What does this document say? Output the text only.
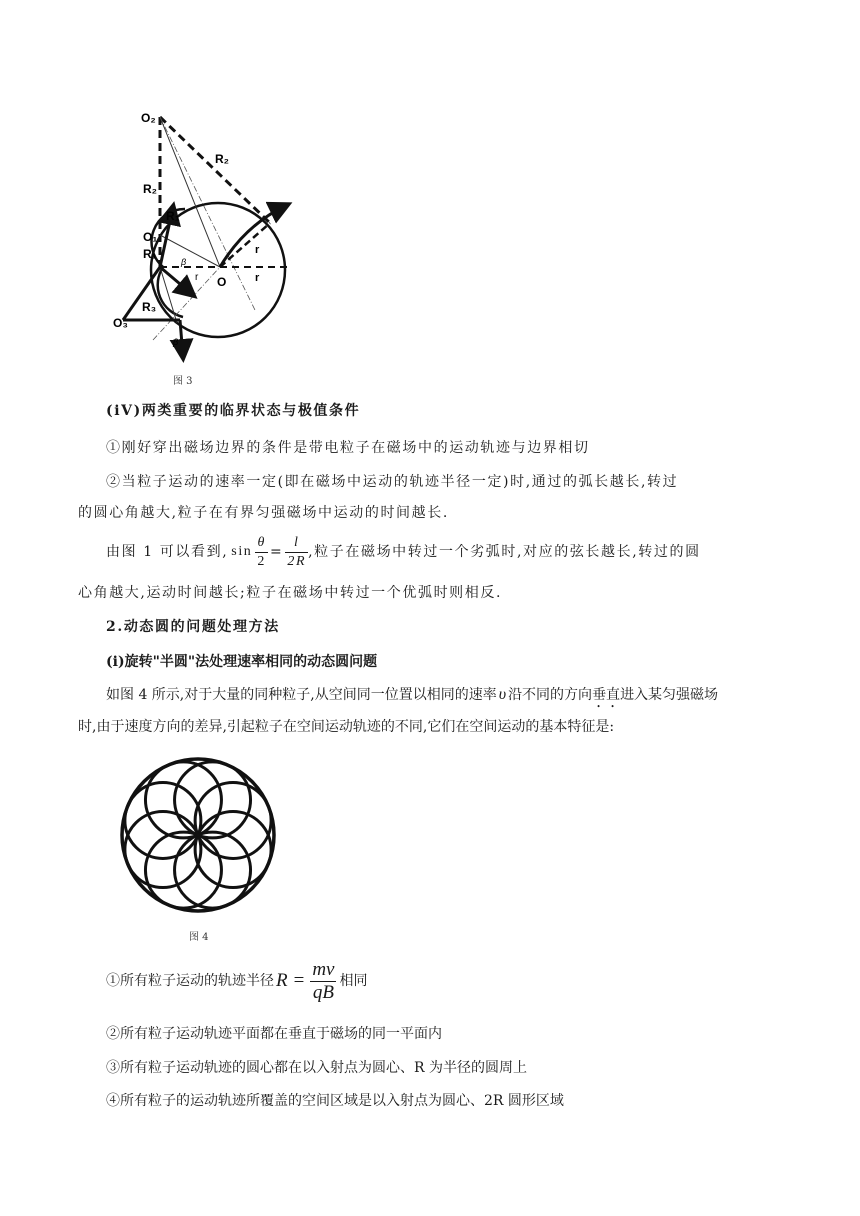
O₂
R₂
R₂
R₁
O₁
R₁
β
r
r
r
O
R₃
O₃
β
图 3
(iV)两类重要的临界状态与极值条件
①刚好穿出磁场边界的条件是带电粒子在磁场中的运动轨迹与边界相切
②当粒子运动的速率一定(即在磁场中运动的轨迹半径一定)时,通过的弧长越长,转过
的圆心角越大,粒子在有界匀强磁场中运动的时间越长.
由图 1 可以看到, $\sin \frac{\theta}{2} = \frac{l}{2R}$ ,粒子在磁场中转过一个劣弧时,对应的弦长越长,转过的圆
心角越大,运动时间越长;粒子在磁场中转过一个优弧时则相反.
2.动态圆的问题处理方法
(i)旋转"半圆"法处理速率相同的动态圆问题
如图 4 所示,对于大量的同种粒子,从空间同一位置以相同的速率 υ 沿不同的方向垂直进入某匀强磁场
时,由于速度方向的差异,引起粒子在空间运动轨迹的不同,它们在空间运动的基本特征是:
图 4
①所有粒子运动的轨迹半径 $R = \frac{mv}{qB}$ 相同
②所有粒子运动轨迹平面都在垂直于磁场的同一平面内
③所有粒子运动轨迹的圆心都在以入射点为圆心、R 为半径的圆周上
④所有粒子的运动轨迹所覆盖的空间区域是以入射点为圆心、2R 圆形区域
